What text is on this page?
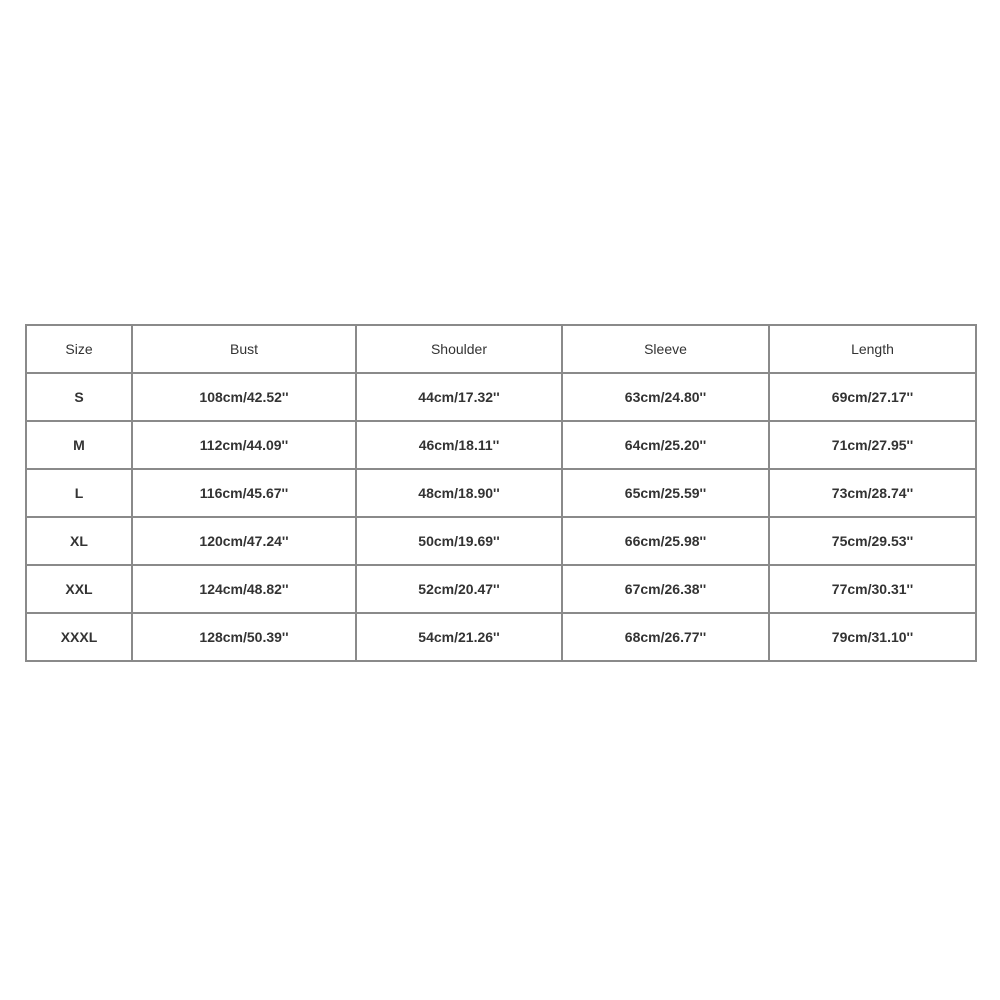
Size	Bust	Shoulder	Sleeve	Length
S	108cm/42.52''	44cm/17.32''	63cm/24.80''	69cm/27.17''
M	112cm/44.09''	46cm/18.11''	64cm/25.20''	71cm/27.95''
L	116cm/45.67''	48cm/18.90''	65cm/25.59''	73cm/28.74''
XL	120cm/47.24''	50cm/19.69''	66cm/25.98''	75cm/29.53''
XXL	124cm/48.82''	52cm/20.47''	67cm/26.38''	77cm/30.31''
XXXL	128cm/50.39''	54cm/21.26''	68cm/26.77''	79cm/31.10''
